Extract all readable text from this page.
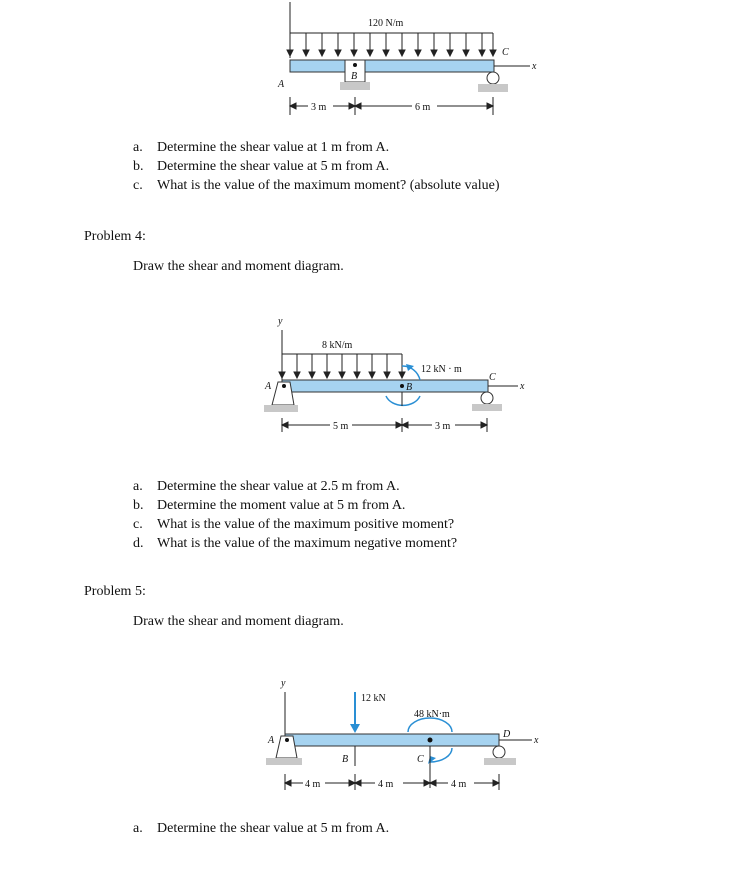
120 N/m
C
x
A
B
3 m	6 m
a. Determine the shear value at 1 m from A.
b. Determine the shear value at 5 m from A.
c. What is the value of the maximum moment? (absolute value)
Problem 4:
Draw the shear and moment diagram.
y
8 kN/m
12 kN · m
B
A
C
x
5 m	3 m
a. Determine the shear value at 2.5 m from A.
b. Determine the moment value at 5 m from A.
c. What is the value of the maximum positive moment?
d. What is the value of the maximum negative moment?
Problem 5:
Draw the shear and moment diagram.
y
12 kN
48 kN·m
A
B	C
D
x
4 m	4 m	4 m
a. Determine the shear value at 5 m from A.
